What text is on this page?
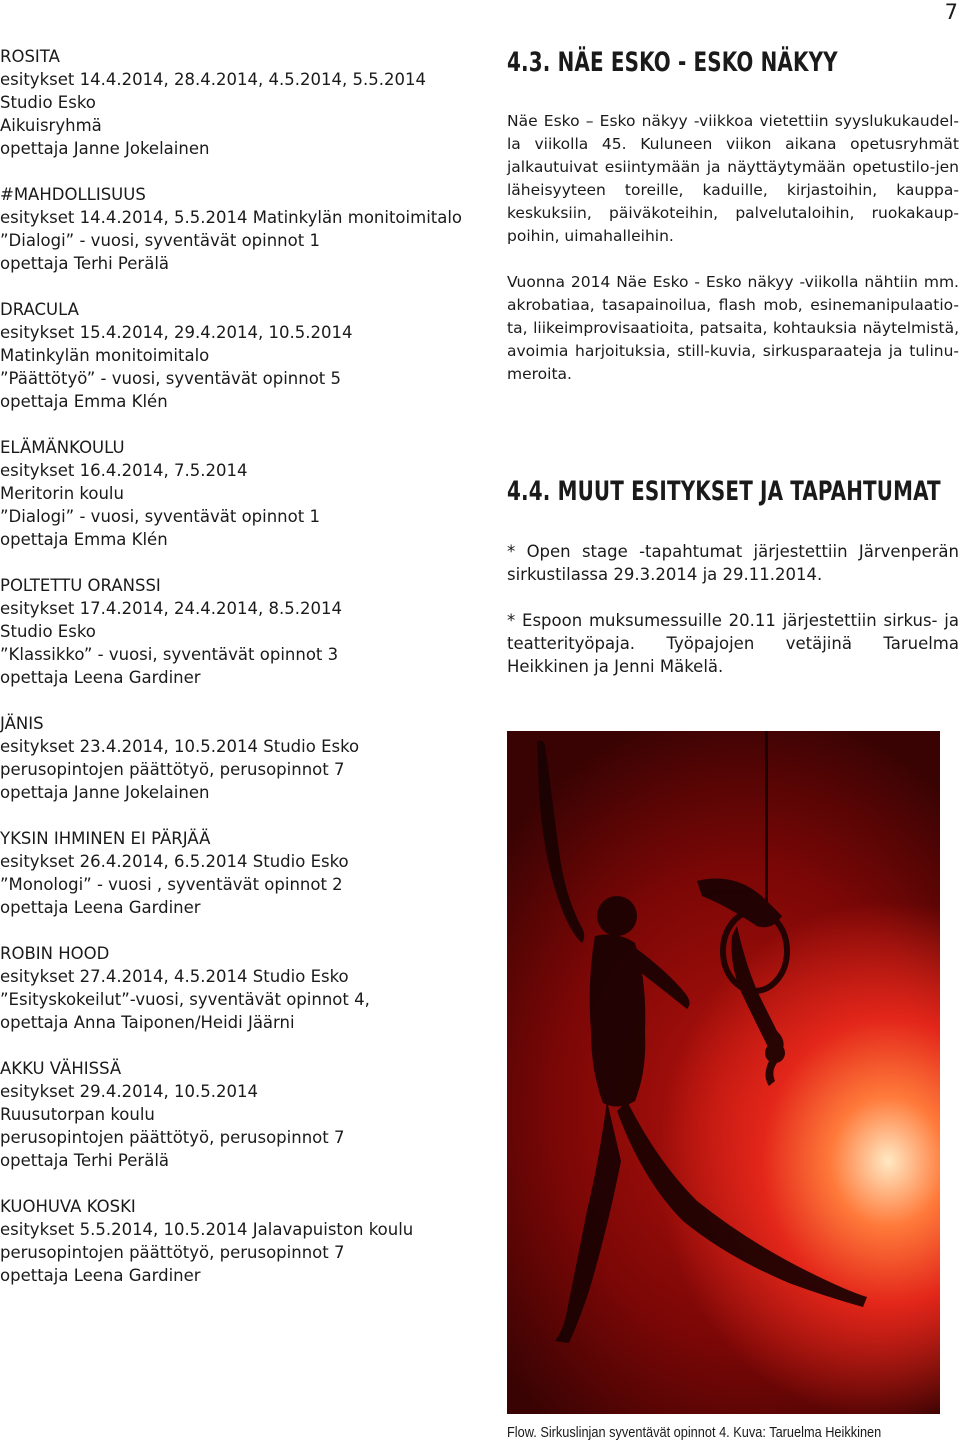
7
ROSITA
esitykset 14.4.2014, 28.4.2014, 4.5.2014, 5.5.2014
Studio Esko
Aikuisryhmä
opettaja Janne Jokelainen
#MAHDOLLISUUS
esitykset 14.4.2014, 5.5.2014 Matinkylän monitoimitalo
”Dialogi” - vuosi, syventävät opinnot 1
opettaja Terhi Perälä
DRACULA
esitykset 15.4.2014, 29.4.2014, 10.5.2014
Matinkylän monitoimitalo
”Päättötyö” - vuosi, syventävät opinnot 5
opettaja Emma Klén
ELÄMÄNKOULU
esitykset 16.4.2014, 7.5.2014
Meritorin koulu
”Dialogi” - vuosi, syventävät opinnot 1
opettaja Emma Klén
POLTETTU ORANSSI
esitykset 17.4.2014, 24.4.2014, 8.5.2014
Studio Esko
”Klassikko” - vuosi, syventävät opinnot 3
opettaja Leena Gardiner
JÄNIS
esitykset 23.4.2014, 10.5.2014 Studio Esko
perusopintojen päättötyö, perusopinnot 7
opettaja Janne Jokelainen
YKSIN IHMINEN EI PÄRJÄÄ
esitykset 26.4.2014, 6.5.2014 Studio Esko
”Monologi” - vuosi , syventävät opinnot 2
opettaja Leena Gardiner
ROBIN HOOD
esitykset 27.4.2014, 4.5.2014 Studio Esko
”Esityskokeilut”-vuosi, syventävät opinnot 4,
opettaja Anna Taiponen/Heidi Jäärni
AKKU VÄHISSÄ
esitykset 29.4.2014, 10.5.2014
Ruusutorpan koulu
perusopintojen päättötyö, perusopinnot 7
opettaja Terhi Perälä
KUOHUVA KOSKI
esitykset 5.5.2014, 10.5.2014 Jalavapuiston koulu
perusopintojen päättötyö, perusopinnot 7
opettaja Leena Gardiner
4.3. NÄE ESKO - ESKO NÄKYY

Näe Esko – Esko näkyy -viikkoa vietettiin syyslukukaudel-la viikolla 45. Kuluneen viikon aikana opetusryhmät jalkautuivat esiintymään ja näyttäytymään opetustilo-jen läheisyyteen toreille, kaduille, kirjastoihin, kauppa-keskuksiin, päiväkoteihin, palvelutaloihin, ruokakaup-poihin, uimahalleihin.

Vuonna 2014 Näe Esko - Esko näkyy -viikolla nähtiin mm. akrobatiaa, tasapainoilua, flash mob, esinemanipulaatio-ta, liikeimprovisaatioita, patsaita, kohtauksia näytelmistä, avoimia harjoituksia, still-kuvia, sirkusparaateja ja tulinu-meroita.

4.4. MUUT ESITYKSET JA TAPAHTUMAT

* Open stage -tapahtumat järjestettiin Järvenperän sirkustilassa 29.3.2014 ja 29.11.2014.

* Espoon muksumessuille 20.11 järjestettiin sirkus- ja teatterityöpaja. Työpajojen vetäjinä Taruelma Heikkinen ja Jenni Mäkelä.

Flow. Sirkuslinjan syventävät opinnot 4. Kuva: Taruelma Heikkinen
